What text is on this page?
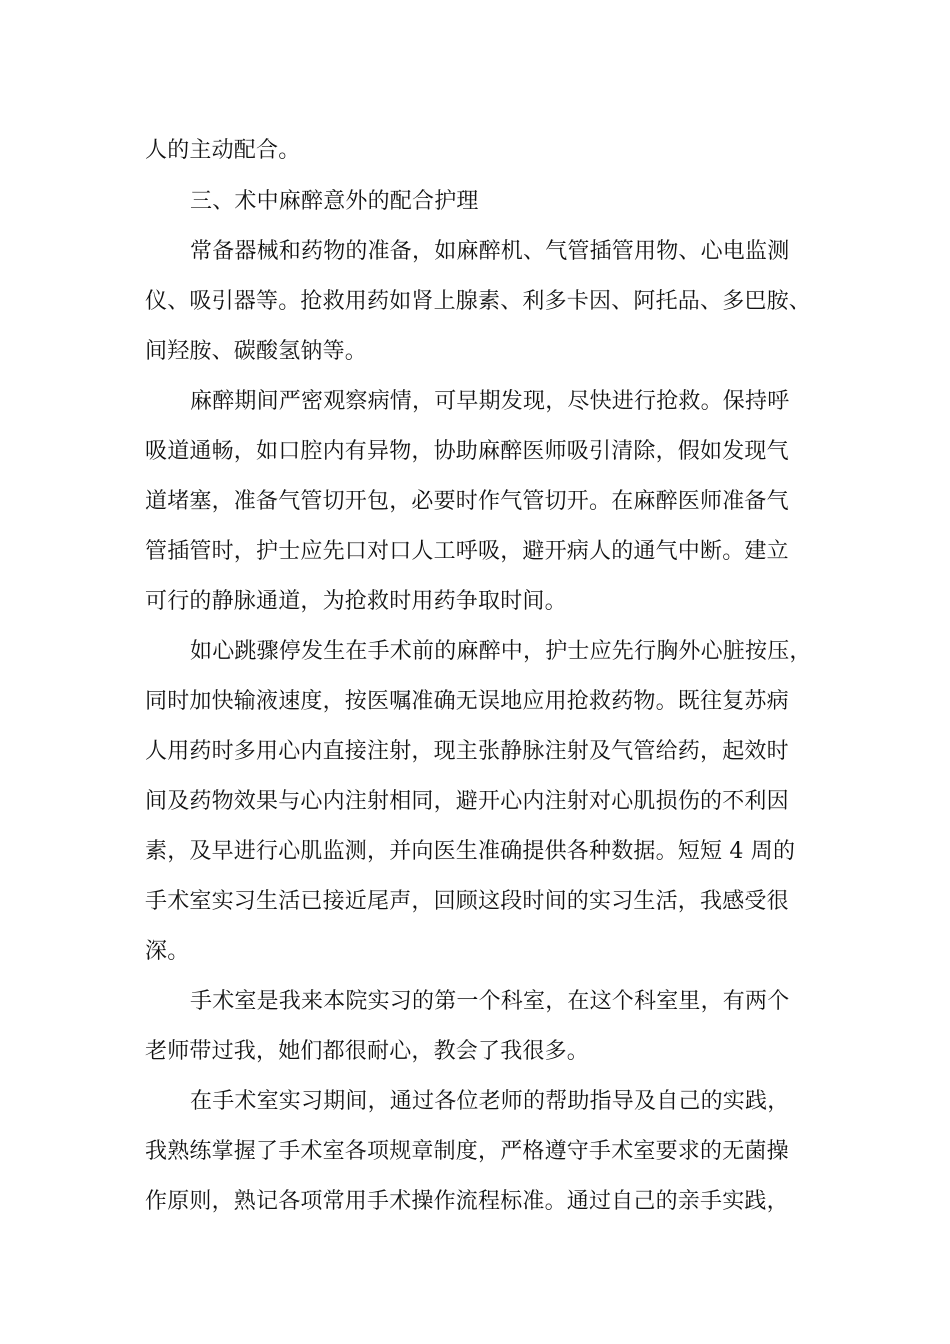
人的主动配合。
三、术中麻醉意外的配合护理
常备器械和药物的准备，如麻醉机、气管插管用物、心电监测
仪、吸引器等。抢救用药如肾上腺素、利多卡因、阿托品、多巴胺、
间羟胺、碳酸氢钠等。
麻醉期间严密观察病情，可早期发现，尽快进行抢救。保持呼
吸道通畅，如口腔内有异物，协助麻醉医师吸引清除，假如发现气
道堵塞，准备气管切开包，必要时作气管切开。在麻醉医师准备气
管插管时，护士应先口对口人工呼吸，避开病人的通气中断。建立
可行的静脉通道，为抢救时用药争取时间。
如心跳骤停发生在手术前的麻醉中，护士应先行胸外心脏按压，
同时加快输液速度，按医嘱准确无误地应用抢救药物。既往复苏病
人用药时多用心内直接注射，现主张静脉注射及气管给药，起效时
间及药物效果与心内注射相同，避开心内注射对心肌损伤的不利因
素，及早进行心肌监测，并向医生准确提供各种数据。短短 4 周的
手术室实习生活已接近尾声，回顾这段时间的实习生活，我感受很
深。
手术室是我来本院实习的第一个科室，在这个科室里，有两个
老师带过我，她们都很耐心，教会了我很多。
在手术室实习期间，通过各位老师的帮助指导及自己的实践，
我熟练掌握了手术室各项规章制度，严格遵守手术室要求的无菌操
作原则，熟记各项常用手术操作流程标准。通过自己的亲手实践，
